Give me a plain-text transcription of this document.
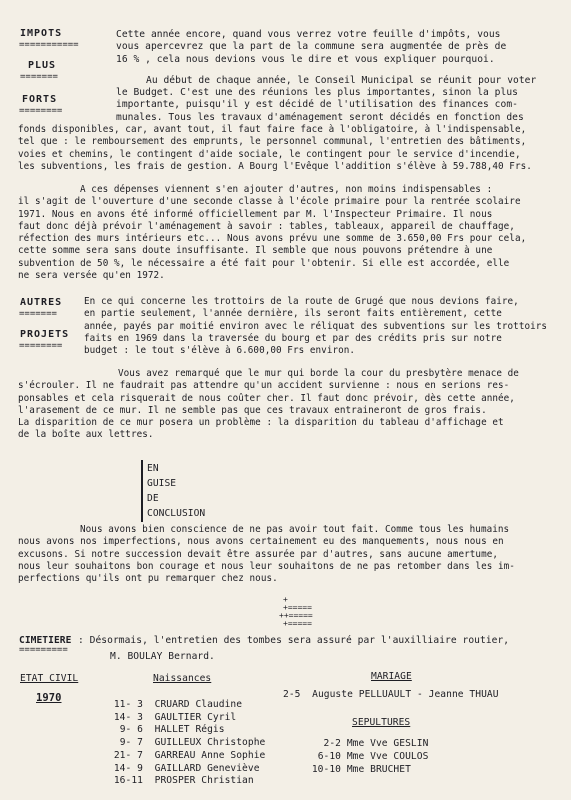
IMPOTS
===========
PLUS
=======
FORTS
========
Cette année encore, quand vous verrez votre feuille d'impôts, vous
vous apercevrez que la part de la commune sera augmentée de près de
16 % , cela nous devions vous le dire et vous expliquer pourquoi.
Au début de chaque année, le Conseil Municipal se réunit pour voter
le Budget. C'est une des réunions les plus importantes, sinon la plus
importante, puisqu'il y est décidé de l'utilisation des finances com-
munales. Tous les travaux d'aménagement seront décidés en fonction des
fonds disponibles, car, avant tout, il faut faire face à l'obligatoire, à l'indispensable,
tel que : le remboursement des emprunts, le personnel communal, l'entretien des bâtiments,
voies et chemins, le contingent d'aide sociale, le contingent pour le service d'incendie,
les subventions, les frais de gestion. A Bourg l'Evêque l'addition s'élève à 59.788,40 Frs.
A ces dépenses viennent s'en ajouter d'autres, non moins indispensables :
il s'agit de l'ouverture d'une seconde classe à l'école primaire pour la rentrée scolaire
1971. Nous en avons été informé officiellement par M. l'Inspecteur Primaire. Il nous
faut donc déjà prévoir l'aménagement à savoir : tables, tableaux, appareil de chauffage,
réfection des murs intérieurs etc... Nous avons prévu une somme de 3.650,00 Frs pour cela,
cette somme sera sans doute insuffisante. Il semble que nous pouvons prétendre à une
subvention de 50 %, le nécessaire a été fait pour l'obtenir. Si elle est accordée, elle
ne sera versée qu'en 1972.
AUTRES
=======
PROJETS
========
En ce qui concerne les trottoirs de la route de Grugé que nous devions faire,
en partie seulement, l'année dernière, ils seront faits entièrement, cette
année, payés par moitié environ avec le réliquat des subventions sur les trottoirs
faits en 1969 dans la traversée du bourg et par des crédits pris sur notre
budget : le tout s'élève à 6.600,00 Frs environ.
Vous avez remarqué que le mur qui borde la cour du presbytère menace de
s'écrouler. Il ne faudrait pas attendre qu'un accident survienne : nous en serions res-
ponsables et cela risquerait de nous coûter cher. Il faut donc prévoir, dès cette année,
l'arasement de ce mur. Il ne semble pas que ces travaux entraineront de gros frais.
La disparition de ce mur posera un problème : la disparition du tableau d'affichage et
de la boîte aux lettres.
EN
GUISE
DE
CONCLUSION
Nous avons bien conscience de ne pas avoir tout fait. Comme tous les humains
nous avons nos imperfections, nous avons certainement eu des manquements, nous nous en
excusons. Si notre succession devait être assurée par d'autres, sans aucune amertume,
nous leur souhaitons bon courage et nous leur souhaitons de ne pas retomber dans les im-
perfections qu'ils ont pu remarquer chez nous.
+
+=====
++=====
+=====
CIMETIERE
=========
: Désormais, l'entretien des tombes sera assuré par l'auxilliaire routier,
M. BOULAY Bernard.
ETAT CIVIL
1970
Naissances
11- 3 CRUARD Claudine
14- 3 GAULTIER Cyril
9- 6 HALLET Régis
9- 7 GUILLEUX Christophe
21- 7 GARREAU Anne Sophie
14- 9 GAILLARD Geneviève
16-11 PROSPER Christian
MARIAGE
2-5  Auguste PELLUAULT - Jeanne THUAU
SEPULTURES
2-2 Mme Vve GESLIN
6-10 Mme Vve COULOS
10-10 Mme BRUCHET
